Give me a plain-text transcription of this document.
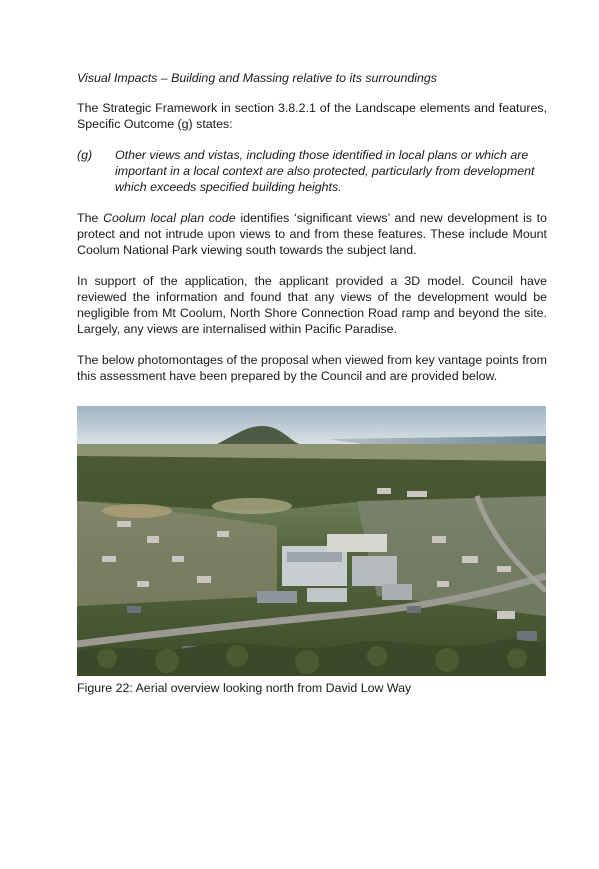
Visual Impacts – Building and Massing relative to its surroundings

The Strategic Framework in section 3.8.2.1 of the Landscape elements and features, Specific Outcome (g) states:

(g)	Other views and vistas, including those identified in local plans or which are important in a local context are also protected, particularly from development which exceeds specified building heights.

The Coolum local plan code identifies ‘significant views’ and new development is to protect and not intrude upon views to and from these features. These include Mount Coolum National Park viewing south towards the subject land.

In support of the application, the applicant provided a 3D model. Council have reviewed the information and found that any views of the development would be negligible from Mt Coolum, North Shore Connection Road ramp and beyond the site. Largely, any views are internalised within Pacific Paradise.

The below photomontages of the proposal when viewed from key vantage points from this assessment have been prepared by the Council and are provided below.

Figure 22: Aerial overview looking north from David Low Way
